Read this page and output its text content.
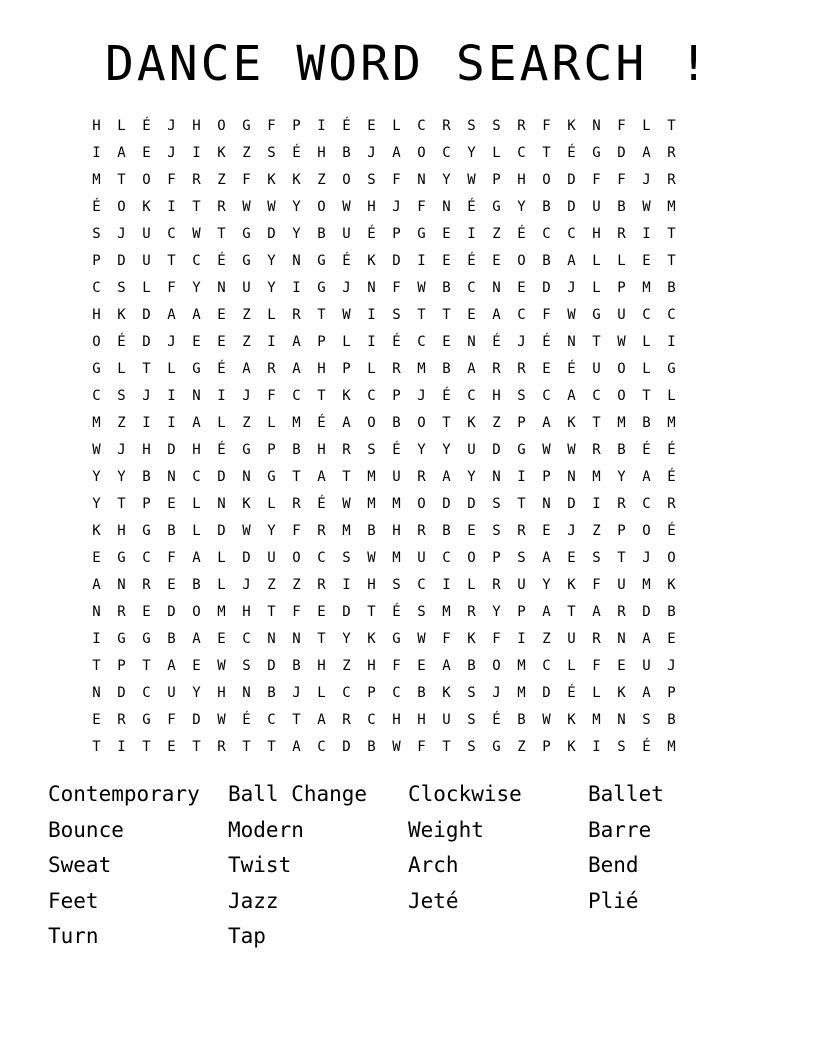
DANCE WORD SEARCH !
H	L	É	J	H	O	G	F	P	I	É	E	L	C	R	S	S	R	F	K	N	F	L	T
I	A	E	J	I	K	Z	S	É	H	B	J	A	O	C	Y	L	C	T	É	G	D	A	R
M	T	O	F	R	Z	F	K	K	Z	O	S	F	N	Y	W	P	H	O	D	F	F	J	R
É	O	K	I	T	R	W	W	Y	O	W	H	J	F	N	É	G	Y	B	D	U	B	W	M
S	J	U	C	W	T	G	D	Y	B	U	É	P	G	E	I	Z	É	C	C	H	R	I	T
P	D	U	T	C	É	G	Y	N	G	É	K	D	I	E	É	E	O	B	A	L	L	E	T
C	S	L	F	Y	N	U	Y	I	G	J	N	F	W	B	C	N	E	D	J	L	P	M	B
H	K	D	A	A	E	Z	L	R	T	W	I	S	T	T	E	A	C	F	W	G	U	C	C
O	É	D	J	E	E	Z	I	A	P	L	I	É	C	E	N	É	J	É	N	T	W	L	I
G	L	T	L	G	É	A	R	A	H	P	L	R	M	B	A	R	R	E	É	U	O	L	G
C	S	J	I	N	I	J	F	C	T	K	C	P	J	É	C	H	S	C	A	C	O	T	L
M	Z	I	I	A	L	Z	L	M	É	A	O	B	O	T	K	Z	P	A	K	T	M	B	M
W	J	H	D	H	É	G	P	B	H	R	S	É	Y	Y	U	D	G	W	W	R	B	É	É
Y	Y	B	N	C	D	N	G	T	A	T	M	U	R	A	Y	N	I	P	N	M	Y	A	É
Y	T	P	E	L	N	K	L	R	É	W	M	M	O	D	D	S	T	N	D	I	R	C	R
K	H	G	B	L	D	W	Y	F	R	M	B	H	R	B	E	S	R	E	J	Z	P	O	É
E	G	C	F	A	L	D	U	O	C	S	W	M	U	C	O	P	S	A	E	S	T	J	O
A	N	R	E	B	L	J	Z	Z	R	I	H	S	C	I	L	R	U	Y	K	F	U	M	K
N	R	E	D	O	M	H	T	F	E	D	T	É	S	M	R	Y	P	A	T	A	R	D	B
I	G	G	B	A	E	C	N	N	T	Y	K	G	W	F	K	F	I	Z	U	R	N	A	E
T	P	T	A	E	W	S	D	B	H	Z	H	F	E	A	B	O	M	C	L	F	E	U	J
N	D	C	U	Y	H	N	B	J	L	C	P	C	B	K	S	J	M	D	É	L	K	A	P
E	R	G	F	D	W	É	C	T	A	R	C	H	H	U	S	É	B	W	K	M	N	S	B
T	I	T	E	T	R	T	T	A	C	D	B	W	F	T	S	G	Z	P	K	I	S	É	M
Contemporary	Ball Change	Clockwise	Ballet
Bounce	Modern	Weight	Barre
Sweat	Twist	Arch	Bend
Feet	Jazz	Jeté	Plié
Turn	Tap
